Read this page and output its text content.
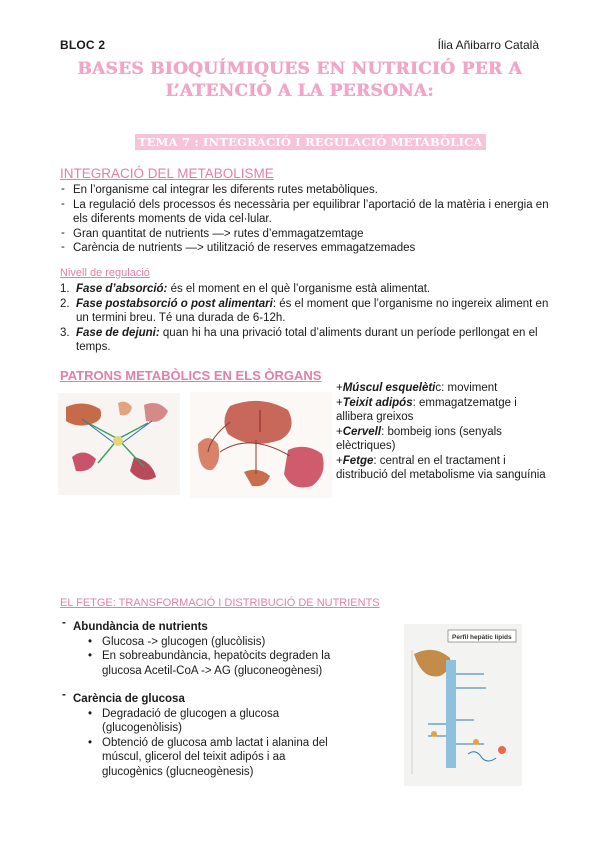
BLOC 2	Ília Añibarro Català
BASES BIOQUÍMIQUES EN NUTRICIÓ PER A
L’ATENCIÓ A LA PERSONA:
TEMA 7 : INTEGRACIÓ I REGULACIÓ METABÒLICA
INTEGRACIÓ DEL METABOLISME
- En l’organisme cal integrar les diferents rutes metabòliques.
- La regulació dels processos és necessària per equilibrar l’aportació de la matèria i energia en els diferents moments de vida cel·lular.
- Gran quantitat de nutrients —> rutes d’emmagatzemtage
- Carència de nutrients —> utilització de reserves emmagatzemades
Nivell de regulació
1. Fase d’absorció: és el moment en el què l’organisme està alimentat.
2. Fase postabsorció o post alimentari: és el moment que l’organisme no ingereix aliment en un termini breu. Té una durada de 6-12h.
3. Fase de dejuni: quan hi ha una privació total d’aliments durant un període perllongat en el temps.
PATRONS METABÒLICS EN ELS ÒRGANS
+Múscul esquelètic: moviment
+Teixit adipós: emmagatzematge i allibera greixos
+Cervell: bombeig ions (senyals elèctriques)
+Fetge: central en el tractament i distribució del metabolisme via sanguínia
EL FETGE: TRANSFORMACIÓ I DISTRIBUCIÓ DE NUTRIENTS
- Abundància de nutrients
• Glucosa -> glucogen (glucòlisis)
• En sobreabundància, hepatòcits degraden la glucosa Acetil-CoA -> AG (gluconeogènesi)
- Carència de glucosa
• Degradació de glucogen a glucosa (glucogenòlisis)
• Obtenció de glucosa amb lactat i alanina del múscul, glicerol del teixit adipós i aa glucogènics (glucneogènesis)
Perfil hepàtic lípids
